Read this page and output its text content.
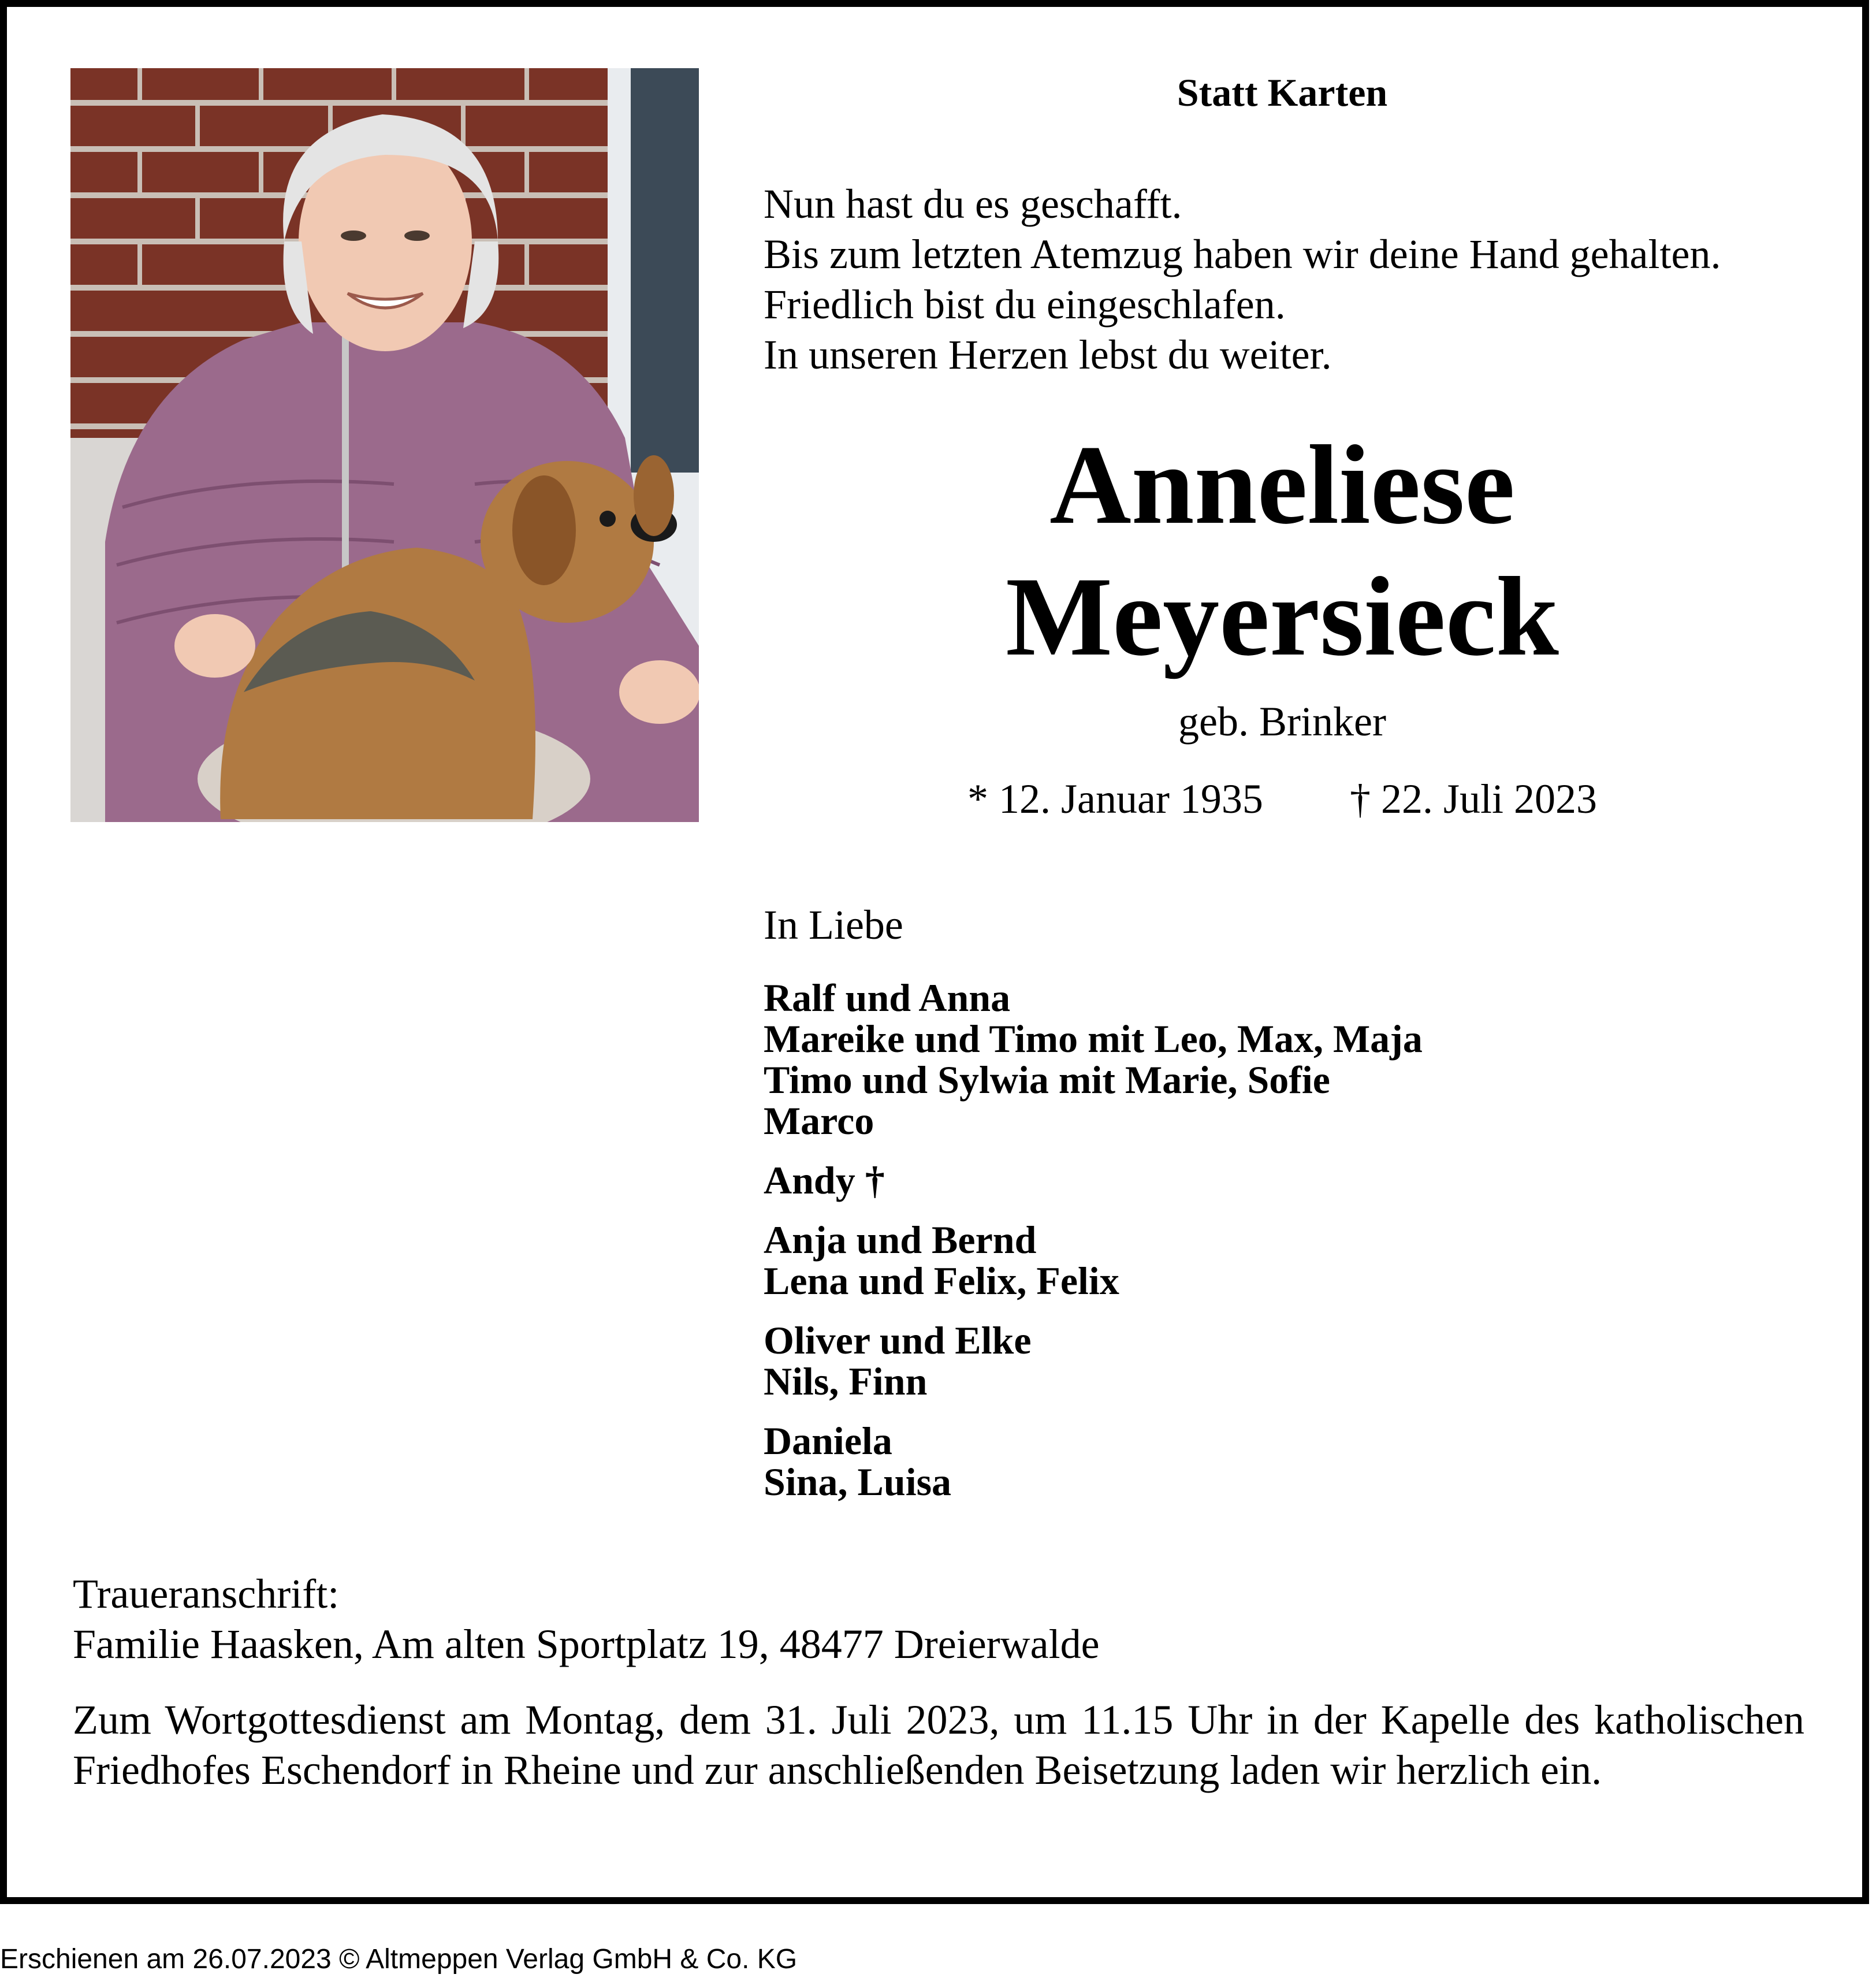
Statt Karten
Nun hast du es geschafft.
Bis zum letzten Atemzug haben wir deine Hand gehalten.
Friedlich bist du eingeschlafen.
In unseren Herzen lebst du weiter.
Anneliese
Meyersieck
geb. Brinker
* 12. Januar 1935 † 22. Juli 2023
In Liebe
Ralf und Anna
Mareike und Timo mit Leo, Max, Maja
Timo und Sylwia mit Marie, Sofie
Marco
Andy †
Anja und Bernd
Lena und Felix, Felix
Oliver und Elke
Nils, Finn
Daniela
Sina, Luisa
Traueranschrift:
Familie Haasken, Am alten Sportplatz 19, 48477 Dreierwalde
Zum Wortgottesdienst am Montag, dem 31. Juli 2023, um 11.15 Uhr in der Kapelle des katholischen Friedhofes Eschendorf in Rheine und zur anschließenden Beisetzung laden wir herzlich ein.
Erschienen am 26.07.2023 © Altmeppen Verlag GmbH & Co. KG
